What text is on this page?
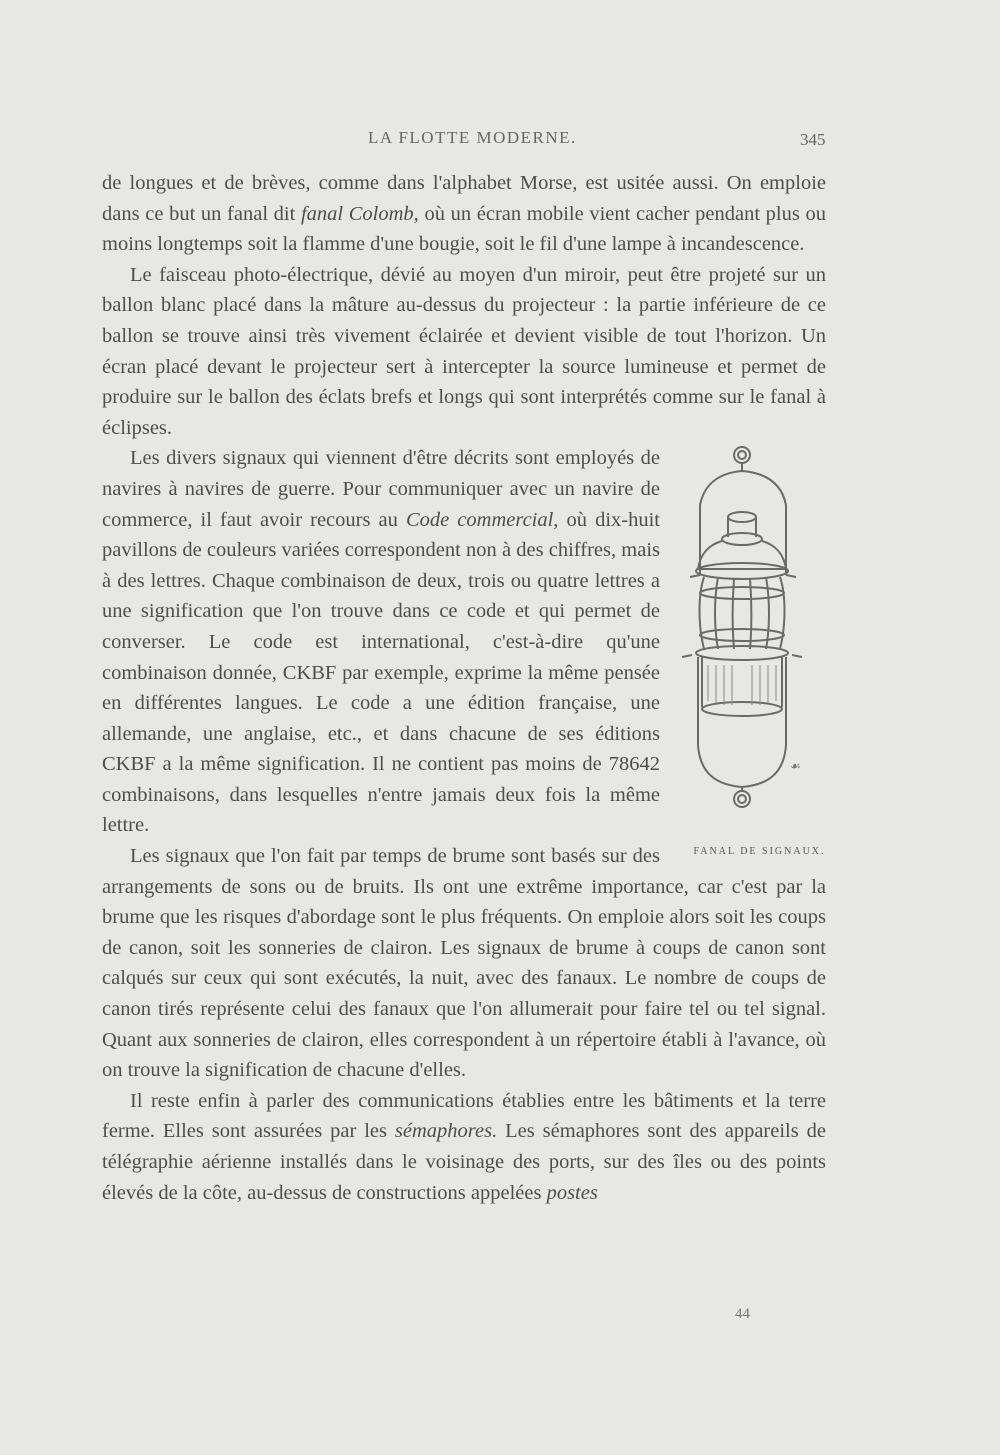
LA FLOTTE MODERNE.	345

de longues et de brèves, comme dans l'alphabet Morse, est usitée aussi. On emploie dans ce but un fanal dit fanal Colomb, où un écran mobile vient cacher pendant plus ou moins longtemps soit la flamme d'une bougie, soit le fil d'une lampe à incandescence.

Le faisceau photo-électrique, dévié au moyen d'un miroir, peut être projeté sur un ballon blanc placé dans la mâture au-dessus du projecteur : la partie inférieure de ce ballon se trouve ainsi très vivement éclairée et devient visible de tout l'horizon. Un écran placé devant le projecteur sert à intercepter la source lumineuse et permet de produire sur le ballon des éclats brefs et longs qui sont interprétés comme sur le fanal à éclipses.

☙
FANAL DE SIGNAUX.

Les divers signaux qui viennent d'être décrits sont employés de navires à navires de guerre. Pour communiquer avec un navire de commerce, il faut avoir recours au Code commercial, où dix-huit pavillons de couleurs variées correspondent non à des chiffres, mais à des lettres. Chaque combinaison de deux, trois ou quatre lettres a une signification que l'on trouve dans ce code et qui permet de converser. Le code est international, c'est-à-dire qu'une combinaison donnée, CKBF par exemple, exprime la même pensée en différentes langues. Le code a une édition française, une allemande, une anglaise, etc., et dans chacune de ses éditions CKBF a la même signification. Il ne contient pas moins de 78642 combinaisons, dans lesquelles n'entre jamais deux fois la même lettre.

Les signaux que l'on fait par temps de brume sont basés sur des arrangements de sons ou de bruits. Ils ont une extrême importance, car c'est par la brume que les risques d'abordage sont le plus fréquents. On emploie alors soit les coups de canon, soit les sonneries de clairon. Les signaux de brume à coups de canon sont calqués sur ceux qui sont exécutés, la nuit, avec des fanaux. Le nombre de coups de canon tirés représente celui des fanaux que l'on allumerait pour faire tel ou tel signal. Quant aux sonneries de clairon, elles correspondent à un répertoire établi à l'avance, où on trouve la signification de chacune d'elles.

Il reste enfin à parler des communications établies entre les bâtiments et la terre ferme. Elles sont assurées par les sémaphores. Les sémaphores sont des appareils de télégraphie aérienne installés dans le voisinage des ports, sur des îles ou des points élevés de la côte, au-dessus de constructions appelées postes

44
